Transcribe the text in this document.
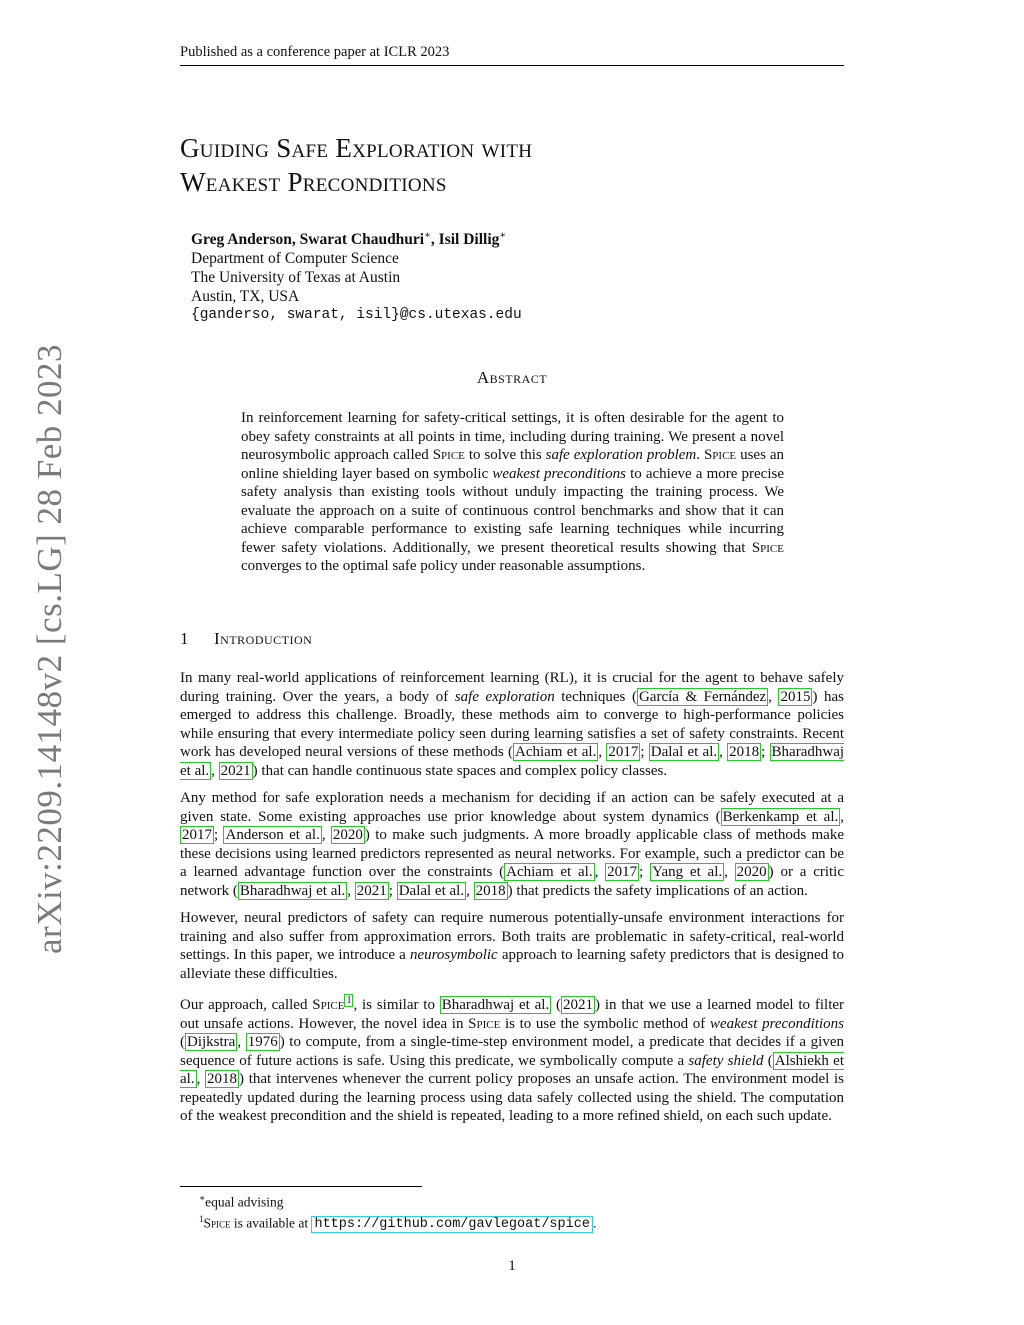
Published as a conference paper at ICLR 2023
Guiding Safe Exploration with
Weakest Preconditions
Greg Anderson, Swarat Chaudhuri∗, Isil Dillig∗
Department of Computer Science
The University of Texas at Austin
Austin, TX, USA
{ganderso, swarat, isil}@cs.utexas.edu
Abstract

In reinforcement learning for safety-critical settings, it is often desirable for the agent to obey safety constraints at all points in time, including during training. We present a novel neurosymbolic approach called Spice to solve this safe exploration problem. Spice uses an online shielding layer based on symbolic weakest preconditions to achieve a more precise safety analysis than existing tools without unduly impacting the training process. We evaluate the approach on a suite of continuous control benchmarks and show that it can achieve comparable performance to existing safe learning techniques while incurring fewer safety violations. Additionally, we present theoretical results showing that Spice converges to the optimal safe policy under reasonable assumptions.

1 Introduction

In many real-world applications of reinforcement learning (RL), it is crucial for the agent to behave safely during training. Over the years, a body of safe exploration techniques ( García & Fernández , 2015 ) has emerged to address this challenge. Broadly, these methods aim to converge to high-performance policies while ensuring that every intermediate policy seen during learning satisfies a set of safety constraints. Recent work has developed neural versions of these methods ( Achiam et al. , 2017 ; Dalal et al. , 2018 ; Bharadhwaj et al. , 2021 ) that can handle continuous state spaces and complex policy classes.

Any method for safe exploration needs a mechanism for deciding if an action can be safely executed at a given state. Some existing approaches use prior knowledge about system dynamics ( Berkenkamp et al. , 2017 ; Anderson et al. , 2020 ) to make such judgments. A more broadly applicable class of methods make these decisions using learned predictors represented as neural networks. For example, such a predictor can be a learned advantage function over the constraints ( Achiam et al. , 2017 ; Yang et al. , 2020 ) or a critic network ( Bharadhwaj et al. , 2021 ; Dalal et al. , 2018 ) that predicts the safety implications of an action.

However, neural predictors of safety can require numerous potentially-unsafe environment interactions for training and also suffer from approximation errors. Both traits are problematic in safety-critical, real-world settings. In this paper, we introduce a neurosymbolic approach to learning safety predictors that is designed to alleviate these difficulties.

Our approach, called Spice $^1$ , is similar to Bharadhwaj et al. ( 2021 ) in that we use a learned model to filter out unsafe actions. However, the novel idea in Spice is to use the symbolic method of weakest preconditions ( Dijkstra , 1976 ) to compute, from a single-time-step environment model, a predicate that decides if a given sequence of future actions is safe. Using this predicate, we symbolically compute a safety shield ( Alshiekh et al. , 2018 ) that intervenes whenever the current policy proposes an unsafe action. The environment model is repeatedly updated during the learning process using data safely collected using the shield. The computation of the weakest precondition and the shield is repeated, leading to a more refined shield, on each such update.

∗equal advising
$^1$Spice is available at https://github.com/gavlegoat/spice .
1
arXiv:2209.14148v2 [cs.LG] 28 Feb 2023
